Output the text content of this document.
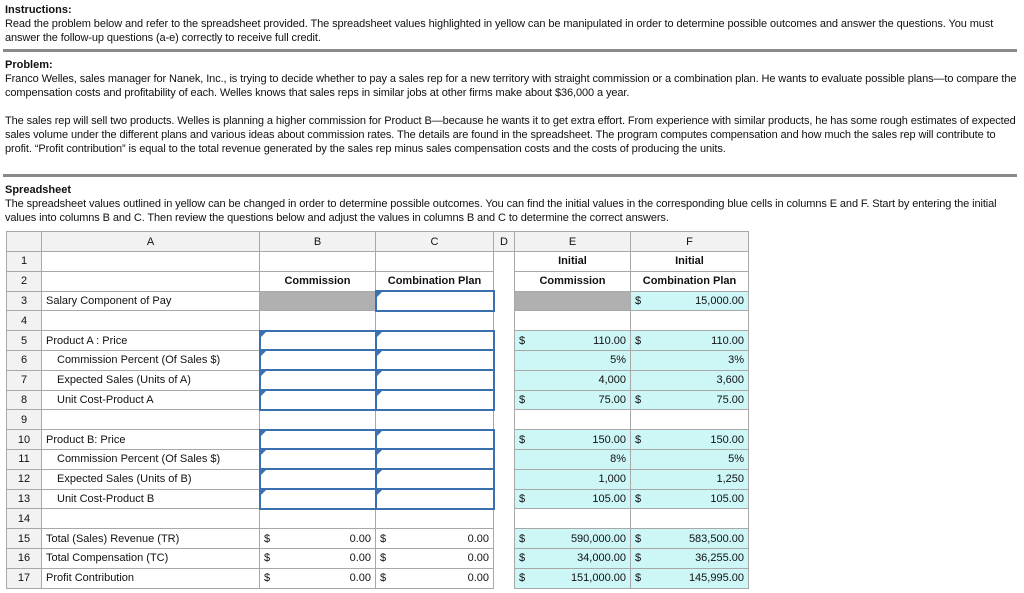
Instructions:

Read the problem below and refer to the spreadsheet provided. The spreadsheet values highlighted in yellow can be manipulated in order to determine possible outcomes and answer the questions. You must answer the follow-up questions (a-e) correctly to receive full credit.

Problem:

Franco Welles, sales manager for Nanek, Inc., is trying to decide whether to pay a sales rep for a new territory with straight commission or a combination plan. He wants to evaluate possible plans—to compare the compensation costs and profitability of each. Welles knows that sales reps in similar jobs at other firms make about $36,000 a year.

The sales rep will sell two products. Welles is planning a higher commission for Product B—because he wants it to get extra effort. From experience with similar products, he has some rough estimates of expected sales volume under the different plans and various ideas about commission rates. The details are found in the spreadsheet. The program computes compensation and how much the sales rep will contribute to profit. “Profit contribution” is equal to the total revenue generated by the sales rep minus sales compensation costs and the costs of producing the units.

Spreadsheet

The spreadsheet values outlined in yellow can be changed in order to determine possible outcomes. You can find the initial values in the corresponding blue cells in columns E and F. Start by entering the initial values into columns B and C. Then review the questions below and adjust the values in columns B and C to determine the correct answers.

	A	B	C	D	E	F
1					Initial	Initial
2		Commission	Combination Plan		Commission	Combination Plan
3	Salary Component of Pay					$ 15,000.00

4		

5	Product A : Price				$ 110.00	$ 110.00

6	Commission Percent (Of Sales $)				5%	3%

7	Expected Sales (Units of A)				4,000	3,600

8	Unit Cost-Product A				$ 75.00	$ 75.00

9		

10	Product B: Price				$ 150.00	$ 150.00

11	Commission Percent (Of Sales $)				8%	5%

12	Expected Sales (Units of B)				1,000	1,250

13	Unit Cost-Product B				$ 105.00	$ 105.00

14		

15	Total (Sales) Revenue (TR)	$ 0.00	$ 0.00		$ 590,000.00	$ 583,500.00

16	Total Compensation (TC)	$ 0.00	$ 0.00		$ 34,000.00	$ 36,255.00

17	Profit Contribution	$ 0.00	$ 0.00		$ 151,000.00	$ 145,995.00
